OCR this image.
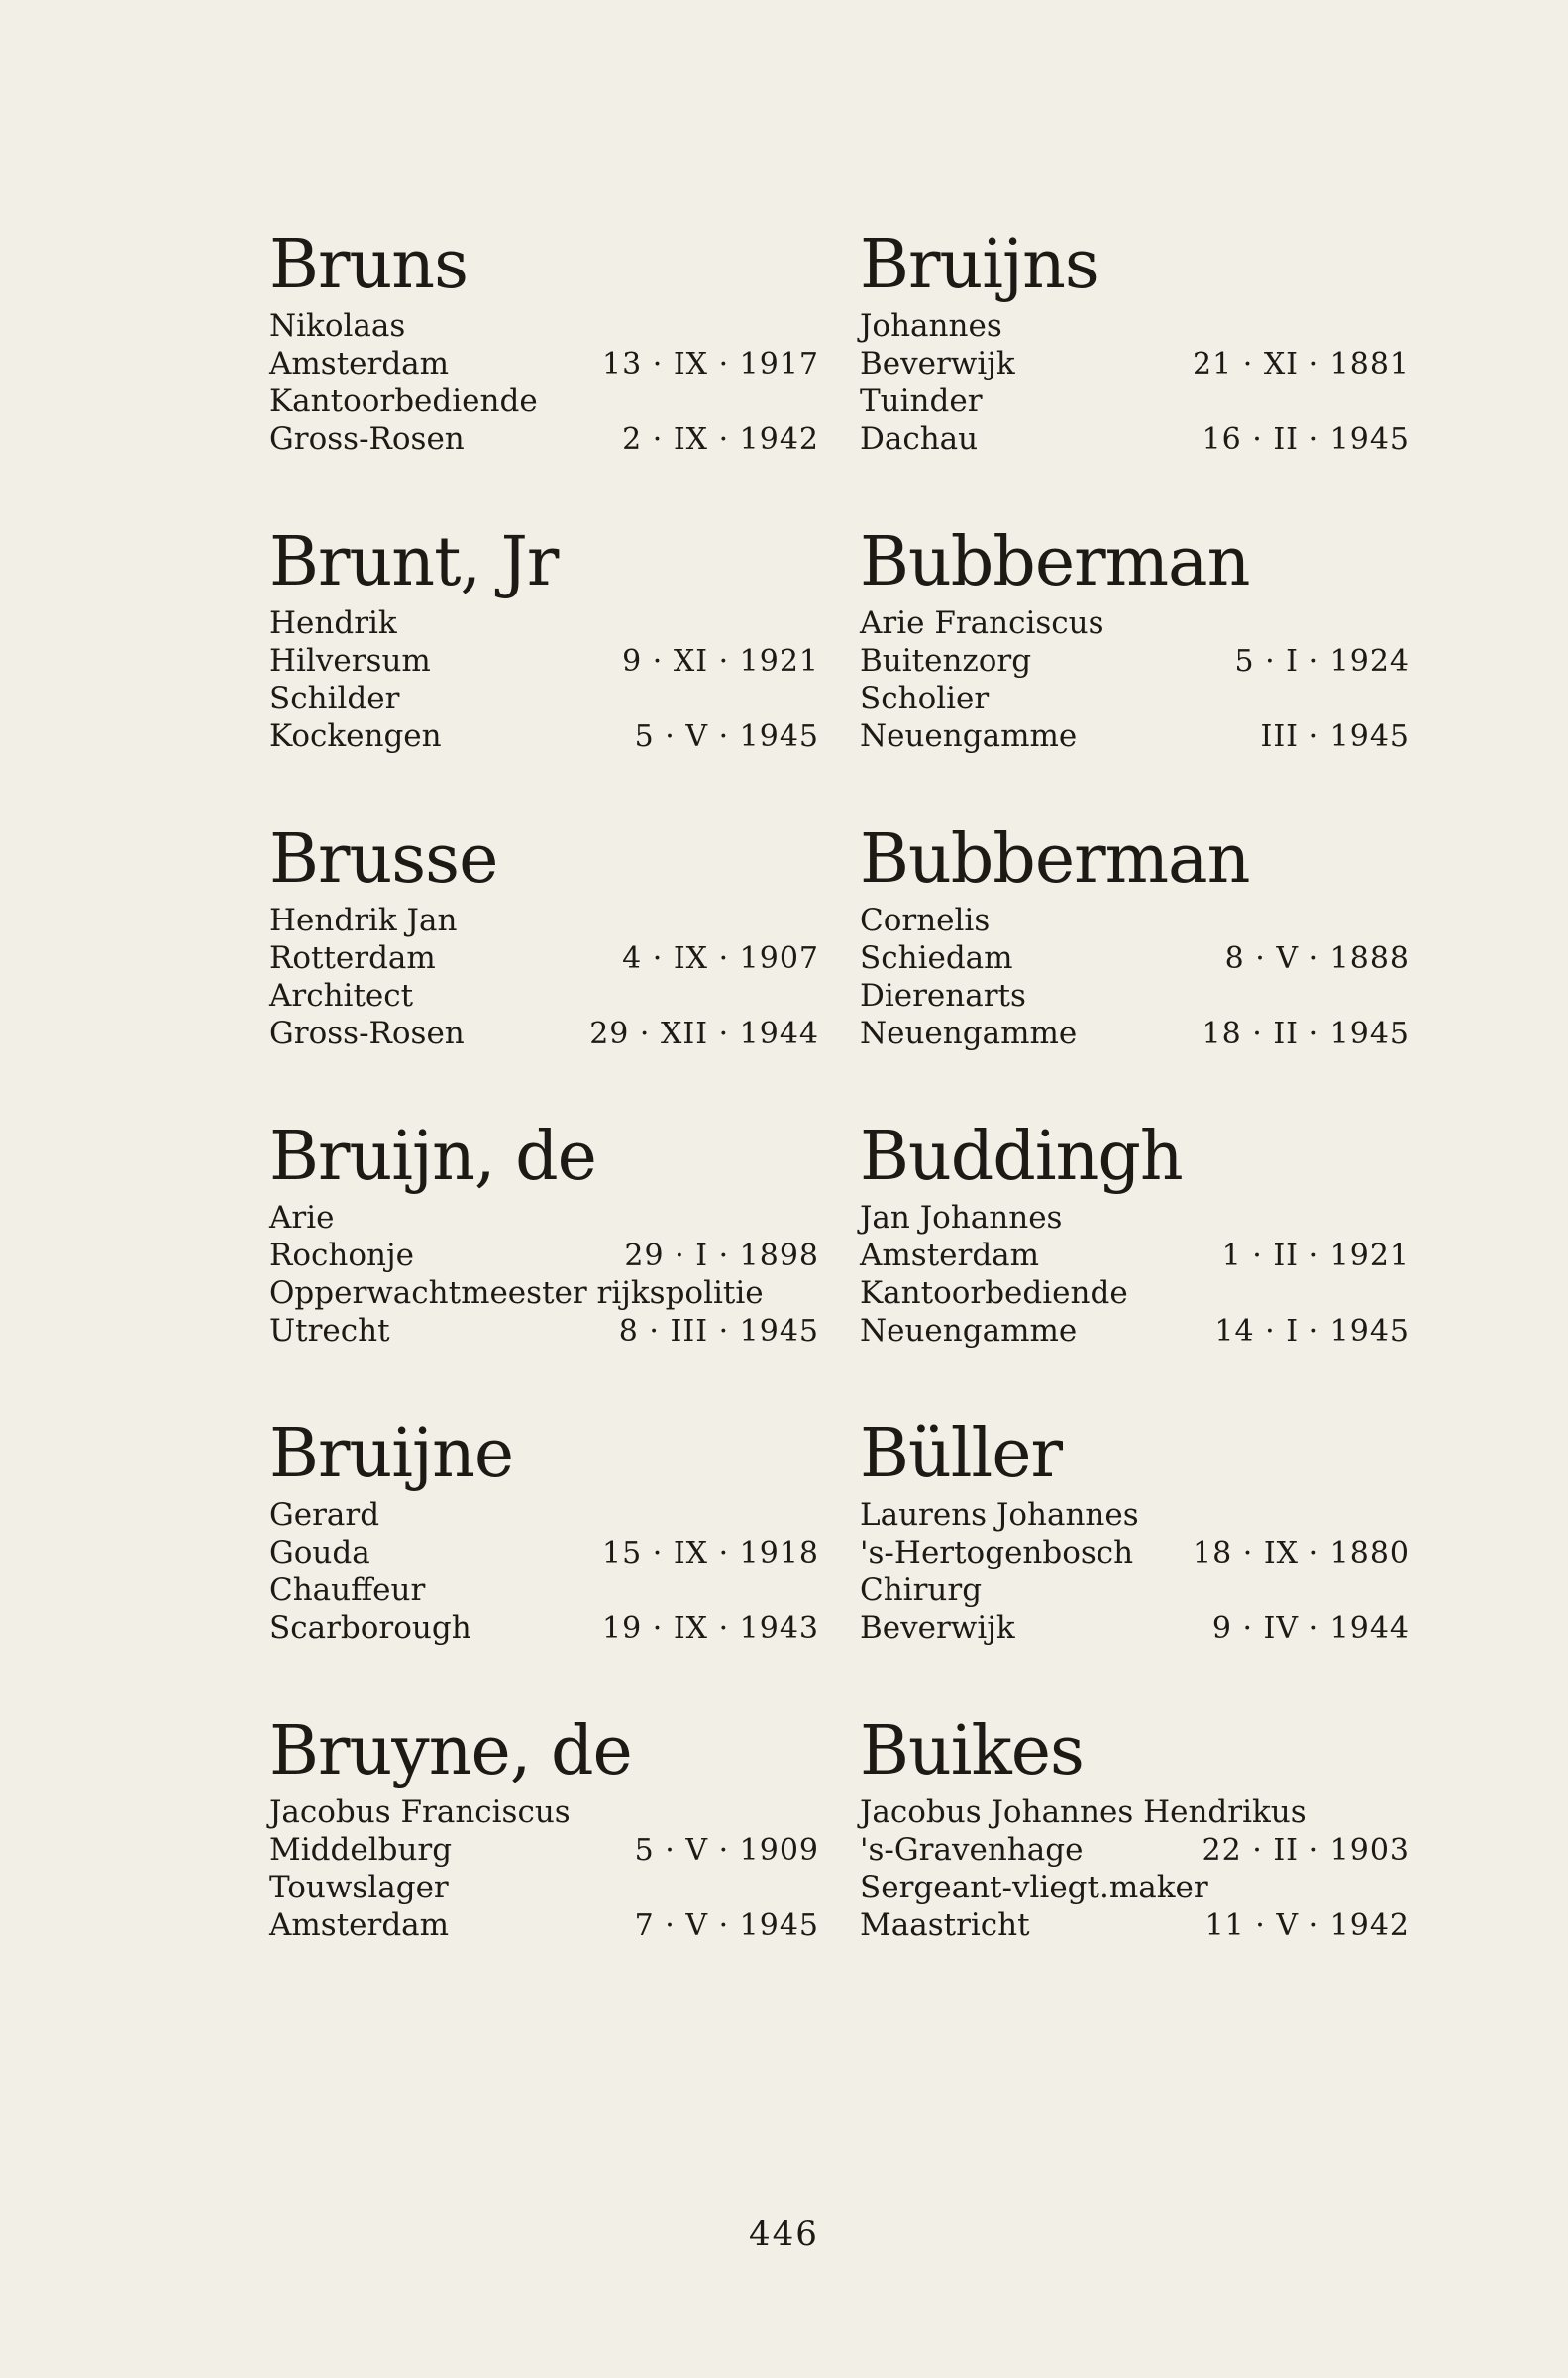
Bruns
Nikolaas
Amsterdam	13 · IX · 1917
Kantoorbediende
Gross-Rosen	2 · IX · 1942
Brunt, Jr
Hendrik
Hilversum	9 · XI · 1921
Schilder
Kockengen	5 · V · 1945
Brusse
Hendrik Jan
Rotterdam	4 · IX · 1907
Architect
Gross-Rosen	29 · XII · 1944
Bruijn, de
Arie
Rochonje	29 · I · 1898
Opperwachtmeester rijkspolitie
Utrecht	8 · III · 1945
Bruijne
Gerard
Gouda	15 · IX · 1918
Chauffeur
Scarborough	19 · IX · 1943
Bruyne, de
Jacobus Franciscus
Middelburg	5 · V · 1909
Touwslager
Amsterdam	7 · V · 1945
Bruijns
Johannes
Beverwijk	21 · XI · 1881
Tuinder
Dachau	16 · II · 1945
Bubberman
Arie Franciscus
Buitenzorg	5 · I · 1924
Scholier
Neuengamme	III · 1945
Bubberman
Cornelis
Schiedam	8 · V · 1888
Dierenarts
Neuengamme	18 · II · 1945
Buddingh
Jan Johannes
Amsterdam	1 · II · 1921
Kantoorbediende
Neuengamme	14 · I · 1945
Büller
Laurens Johannes
's-Hertogenbosch 18 · IX · 1880
Chirurg
Beverwijk	9 · IV · 1944
Buikes
Jacobus Johannes Hendrikus
's-Gravenhage	22 · II · 1903
Sergeant-vliegt.maker
Maastricht	11 · V · 1942
446
